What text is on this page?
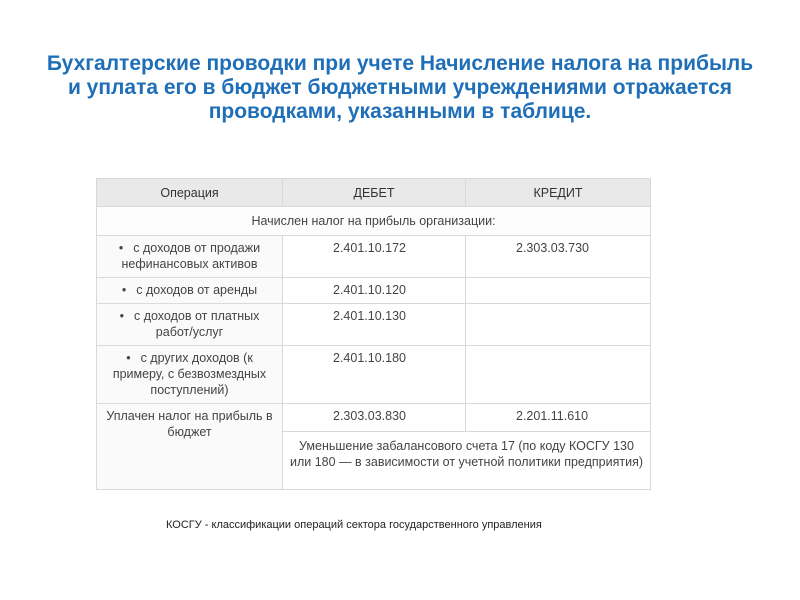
Бухгалтерские проводки при учете Начисление налога на прибыль и уплата его в бюджет бюджетными учреждениями отражается проводками, указанными в таблице.
Операция	ДЕБЕТ	КРЕДИТ
Начислен налог на прибыль организации:		
• с доходов от продажи нефинансовых активов	2.401.10.172	2.303.03.730
• с доходов от аренды	2.401.10.120	
• с доходов от платных работ/услуг	2.401.10.130	
• с других доходов (к примеру, с безвозмездных поступлений)	2.401.10.180	
Уплачен налог на прибыль в бюджет	2.303.03.830	2.201.11.610
	Уменьшение забалансового счета 17 (по коду КОСГУ 130 или 180 — в зависимости от учетной политики предприятия)	

КОСГУ - классификации операций сектора государственного управления
